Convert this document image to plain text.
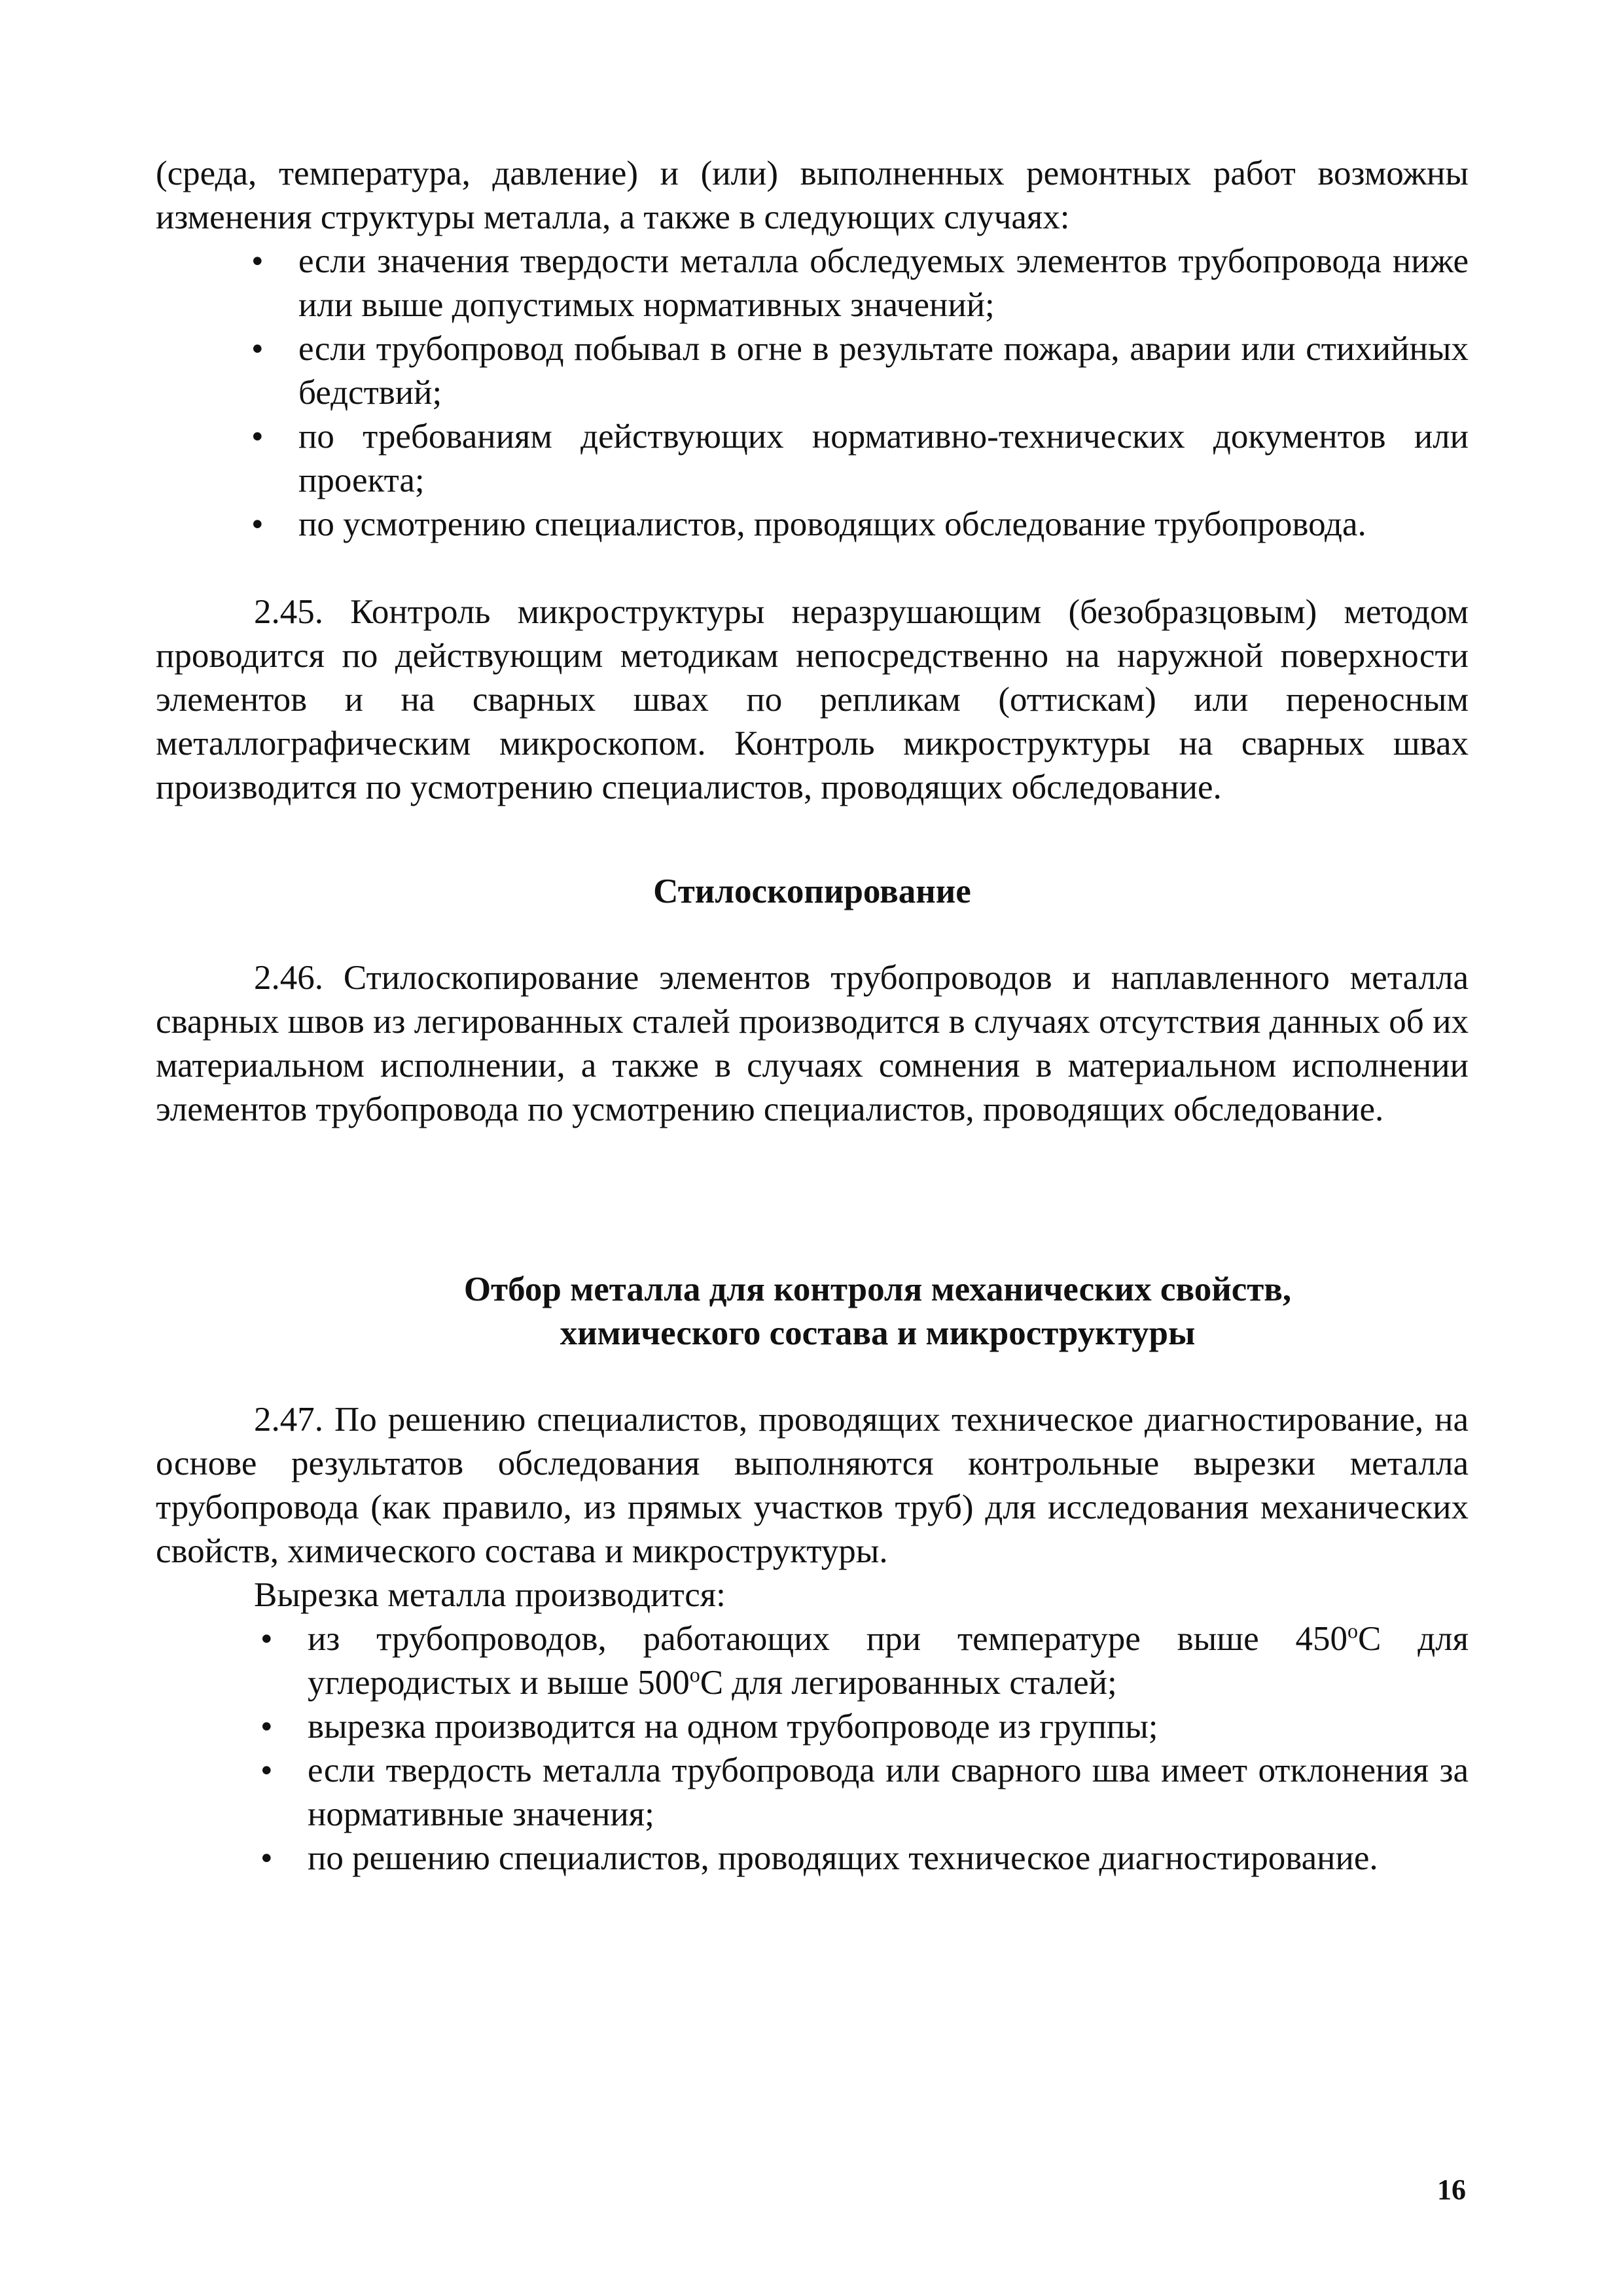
(среда, температура, давление) и (или) выполненных ремонтных работ возможны изменения структуры металла, а также в следующих случаях:

• если значения твердости металла обследуемых элементов трубопровода ниже или выше допустимых нормативных значений;
• если трубопровод побывал в огне в результате пожара, аварии или стихийных бедствий;
• по требованиям действующих нормативно-технических документов или проекта;
• по усмотрению специалистов, проводящих обследование трубопровода.

2.45. Контроль микроструктуры неразрушающим (безобразцовым) методом проводится по действующим методикам непосредственно на наружной поверхности элементов и на сварных швах по репликам (оттискам) или переносным металлографическим микроскопом. Контроль микроструктуры на сварных швах производится по усмотрению специалистов, проводящих обследование.

Стилоскопирование

2.46. Стилоскопирование элементов трубопроводов и наплавленного металла сварных швов из легированных сталей производится в случаях отсутствия данных об их материальном исполнении, а также в случаях сомнения в материальном исполнении элементов трубопровода по усмотрению специалистов, проводящих обследование.

Отбор металла для контроля механических свойств,
химического состава и микроструктуры

2.47. По решению специалистов, проводящих техническое диагностирование, на основе результатов обследования выполняются контрольные вырезки металла трубопровода (как правило, из прямых участков труб) для исследования механических свойств, химического состава и микроструктуры.

Вырезка металла производится:

• из трубопроводов, работающих при температуре выше 450$^o$С для углеродистых и выше 500$^o$С для легированных сталей;
• вырезка производится на одном трубопроводе из группы;
• если твердость металла трубопровода или сварного шва имеет отклонения за нормативные значения;
• по решению специалистов, проводящих техническое диагностирование.
16
